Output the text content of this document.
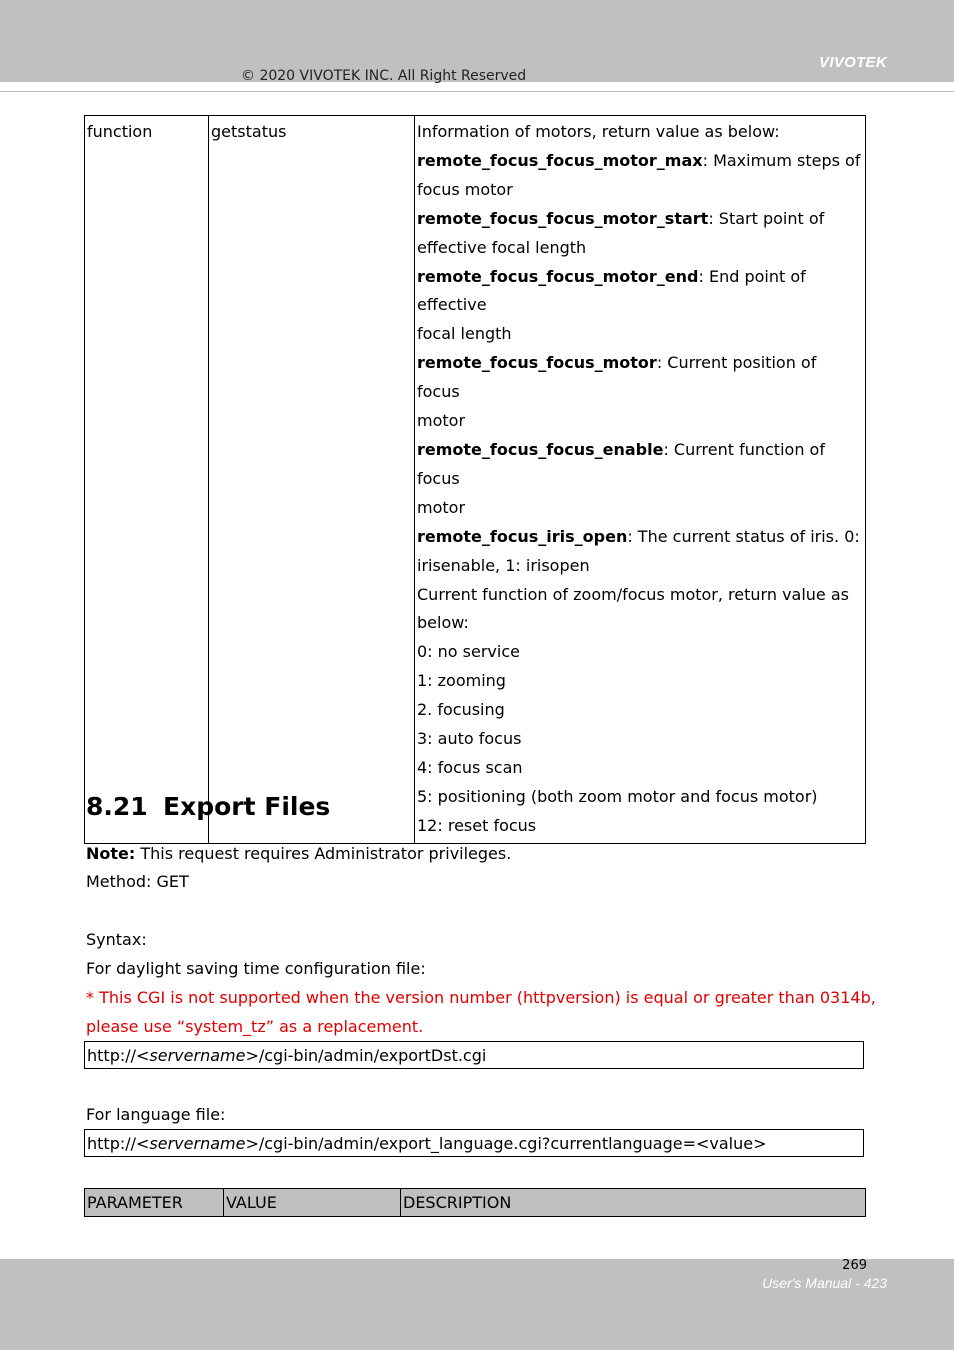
VIVOTEK
© 2020 VIVOTEK INC. All Right Reserved
function	getstatus	Information of motors, return value as below:
remote_focus_focus_motor_max: Maximum steps of
focus motor
remote_focus_focus_motor_start: Start point of
effective focal length
remote_focus_focus_motor_end: End point of effective
focal length
remote_focus_focus_motor: Current position of focus
motor
remote_focus_focus_enable: Current function of focus
motor
remote_focus_iris_open: The current status of iris. 0:
irisenable, 1: irisopen
Current function of zoom/focus motor, return value as
below:
0: no service
1: zooming
2. focusing
3: auto focus
4: focus scan
5: positioning (both zoom motor and focus motor)
12: reset focus
8.21 Export Files
Note: This request requires Administrator privileges.
Method: GET
Syntax:
For daylight saving time configuration file:
* This CGI is not supported when the version number (httpversion) is equal or greater than 0314b,
please use “system_tz” as a replacement.
http://<servername>/cgi-bin/admin/exportDst.cgi
For language file:
http://<servername>/cgi-bin/admin/export_language.cgi?currentlanguage=<value>
PARAMETER	VALUE	DESCRIPTION
269
User's Manual - 423
